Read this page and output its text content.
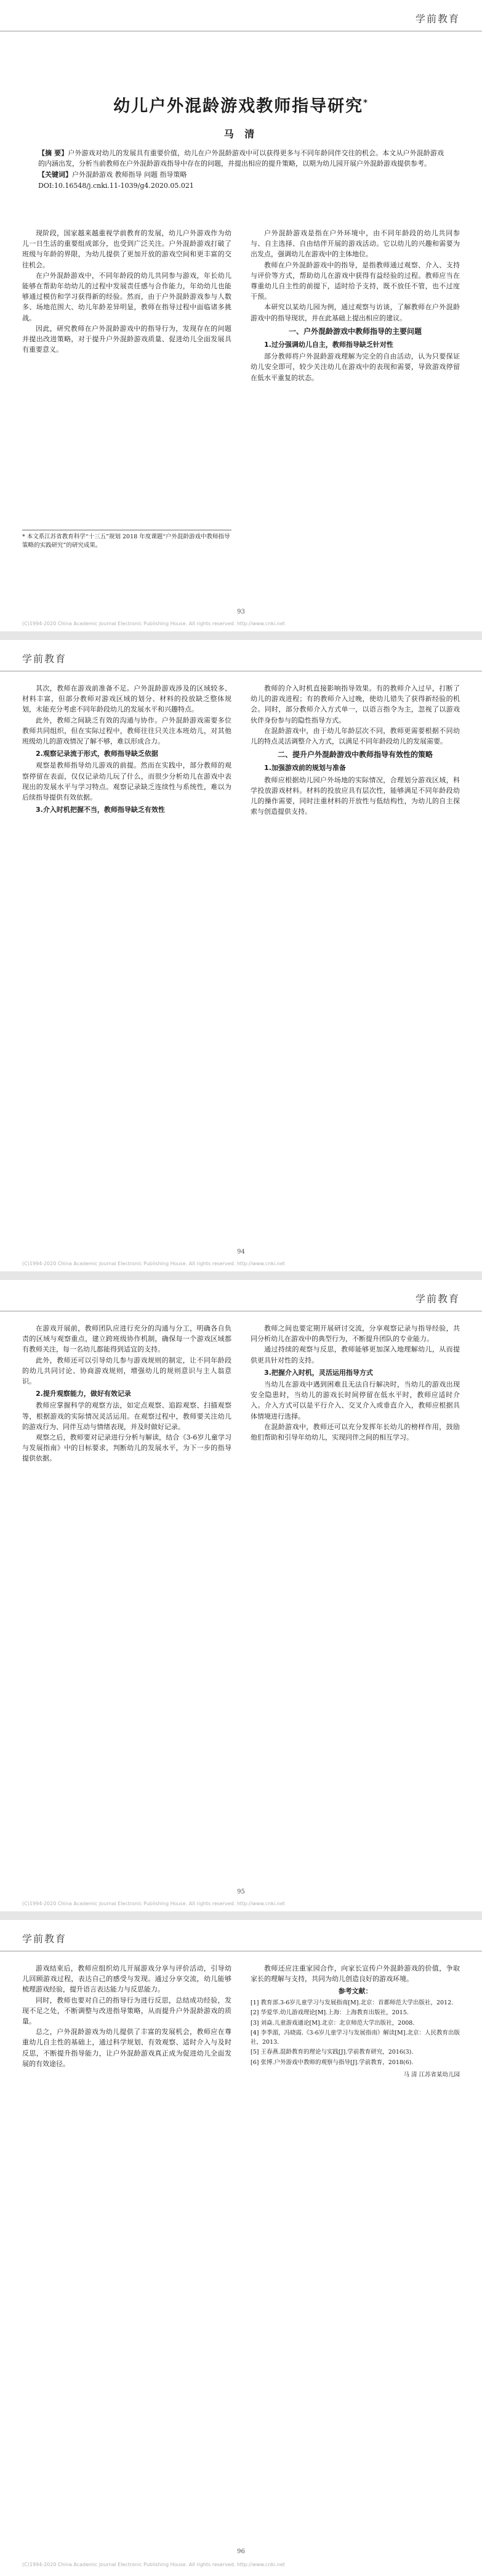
学前教育
幼儿户外混龄游戏教师指导研究*
马 清

【摘 要】户外游戏对幼儿的发展具有重要价值，幼儿在户外混龄游戏中可以获得更多与不同年龄同伴交往的机会。本文从户外混龄游戏的内涵出发，分析当前教师在户外混龄游戏指导中存在的问题，并提出相应的提升策略，以期为幼儿园开展户外混龄游戏提供参考。

【关键词】户外混龄游戏 教师指导 问题 指导策略

DOI:10.16548/j.cnki.11-1039/g4.2020.05.021

现阶段，国家越来越重视学前教育的发展，幼儿户外游戏作为幼儿一日生活的重要组成部分，也受到广泛关注。户外混龄游戏打破了班级与年龄的界限，为幼儿提供了更加开放的游戏空间和更丰富的交往机会。

在户外混龄游戏中，不同年龄段的幼儿共同参与游戏，年长幼儿能够在帮助年幼幼儿的过程中发展责任感与合作能力，年幼幼儿也能够通过模仿和学习获得新的经验。然而，由于户外混龄游戏参与人数多、场地范围大、幼儿年龄差异明显，教师在指导过程中面临诸多挑战。

因此，研究教师在户外混龄游戏中的指导行为，发现存在的问题并提出改进策略，对于提升户外混龄游戏质量、促进幼儿全面发展具有重要意义。

户外混龄游戏是指在户外环境中，由不同年龄段的幼儿共同参与、自主选择、自由结伴开展的游戏活动。它以幼儿的兴趣和需要为出发点，强调幼儿在游戏中的主体地位。

教师在户外混龄游戏中的指导，是指教师通过观察、介入、支持与评价等方式，帮助幼儿在游戏中获得有益经验的过程。教师应当在尊重幼儿自主性的前提下，适时给予支持，既不放任不管，也不过度干预。

本研究以某幼儿园为例，通过观察与访谈，了解教师在户外混龄游戏中的指导现状，并在此基础上提出相应的建议。

一、户外混龄游戏中教师指导的主要问题
1.过分强调幼儿自主，教师指导缺乏针对性

部分教师将户外混龄游戏理解为完全的自由活动，认为只要保证幼儿安全即可，较少关注幼儿在游戏中的表现和需要，导致游戏停留在低水平重复的状态。

* 本文系江苏省教育科学“十三五”规划 2018 年度课题“户外混龄游戏中教师指导策略的实践研究”的研究成果。
93
(C)1994-2020 China Academic Journal Electronic Publishing House. All rights reserved. http://www.cnki.net
学前教育

其次，教师在游戏前准备不足。户外混龄游戏涉及的区域较多、材料丰富，但部分教师对游戏区域的划分、材料的投放缺乏整体规划，未能充分考虑不同年龄段幼儿的发展水平和兴趣特点。

此外，教师之间缺乏有效的沟通与协作。户外混龄游戏需要多位教师共同组织，但在实际过程中，教师往往只关注本班幼儿，对其他班级幼儿的游戏情况了解不够，难以形成合力。

2.观察记录流于形式，教师指导缺乏依据

观察是教师指导幼儿游戏的前提。然而在实践中，部分教师的观察停留在表面，仅仅记录幼儿玩了什么，而很少分析幼儿在游戏中表现出的发展水平与学习特点。观察记录缺乏连续性与系统性，难以为后续指导提供有效依据。

3.介入时机把握不当，教师指导缺乏有效性

教师的介入时机直接影响指导效果。有的教师介入过早，打断了幼儿的游戏进程；有的教师介入过晚，使幼儿错失了获得新经验的机会。同时，部分教师介入方式单一，以语言指令为主，忽视了以游戏伙伴身份参与的隐性指导方式。

在混龄游戏中，由于幼儿年龄层次不同，教师更需要根据不同幼儿的特点灵活调整介入方式，以满足不同年龄段幼儿的发展需要。

二、提升户外混龄游戏中教师指导有效性的策略
1.加强游戏前的规划与准备

教师应根据幼儿园户外场地的实际情况，合理划分游戏区域，科学投放游戏材料。材料的投放应具有层次性，能够满足不同年龄段幼儿的操作需要，同时注重材料的开放性与低结构性，为幼儿的自主探索与创造提供支持。

94
(C)1994-2020 China Academic Journal Electronic Publishing House. All rights reserved. http://www.cnki.net
学前教育

在游戏开展前，教师团队应进行充分的沟通与分工，明确各自负责的区域与观察重点，建立跨班级协作机制，确保每一个游戏区域都有教师关注，每一名幼儿都能得到适宜的支持。

此外，教师还可以引导幼儿参与游戏规则的制定，让不同年龄段的幼儿共同讨论、协商游戏规则，增强幼儿的规则意识与主人翁意识。

2.提升观察能力，做好有效记录

教师应掌握科学的观察方法，如定点观察、追踪观察、扫描观察等，根据游戏的实际情况灵活运用。在观察过程中，教师要关注幼儿的游戏行为、同伴互动与情绪表现，并及时做好记录。

观察之后，教师要对记录进行分析与解读，结合《3-6岁儿童学习与发展指南》中的目标要求，判断幼儿的发展水平，为下一步的指导提供依据。

教师之间也要定期开展研讨交流，分享观察记录与指导经验，共同分析幼儿在游戏中的典型行为，不断提升团队的专业能力。

通过持续的观察与反思，教师能够更加深入地理解幼儿，从而提供更具针对性的支持。

3.把握介入时机，灵活运用指导方式

当幼儿在游戏中遇到困难且无法自行解决时，当幼儿的游戏出现安全隐患时，当幼儿的游戏长时间停留在低水平时，教师应适时介入。介入方式可以是平行介入、交叉介入或垂直介入，教师应根据具体情境进行选择。

在混龄游戏中，教师还可以充分发挥年长幼儿的榜样作用，鼓励他们帮助和引导年幼幼儿，实现同伴之间的相互学习。

95
(C)1994-2020 China Academic Journal Electronic Publishing House. All rights reserved. http://www.cnki.net
学前教育

游戏结束后，教师应组织幼儿开展游戏分享与评价活动，引导幼儿回顾游戏过程，表达自己的感受与发现。通过分享交流，幼儿能够梳理游戏经验，提升语言表达能力与反思能力。

同时，教师也要对自己的指导行为进行反思，总结成功经验，发现不足之处，不断调整与改进指导策略，从而提升户外混龄游戏的质量。

总之，户外混龄游戏为幼儿提供了丰富的发展机会，教师应在尊重幼儿自主性的基础上，通过科学规划、有效观察、适时介入与及时反思，不断提升指导能力，让户外混龄游戏真正成为促进幼儿全面发展的有效途径。

教师还应注重家园合作，向家长宣传户外混龄游戏的价值，争取家长的理解与支持，共同为幼儿创造良好的游戏环境。

参考文献：

[1] 教育部.3-6岁儿童学习与发展指南[M].北京：首都师范大学出版社，2012.

[2] 华爱华.幼儿游戏理论[M].上海：上海教育出版社，2015.

[3] 刘焱.儿童游戏通论[M].北京：北京师范大学出版社，2008.

[4] 李季湄，冯晓霞.《3-6岁儿童学习与发展指南》解读[M].北京：人民教育出版社，2013.

[5] 王春燕.混龄教育的理论与实践[J].学前教育研究，2016(3).

[6] 张博.户外游戏中教师的观察与指导[J].学前教育，2018(6).

马 清 江苏省某幼儿园

96
(C)1994-2020 China Academic Journal Electronic Publishing House. All rights reserved. http://www.cnki.net
